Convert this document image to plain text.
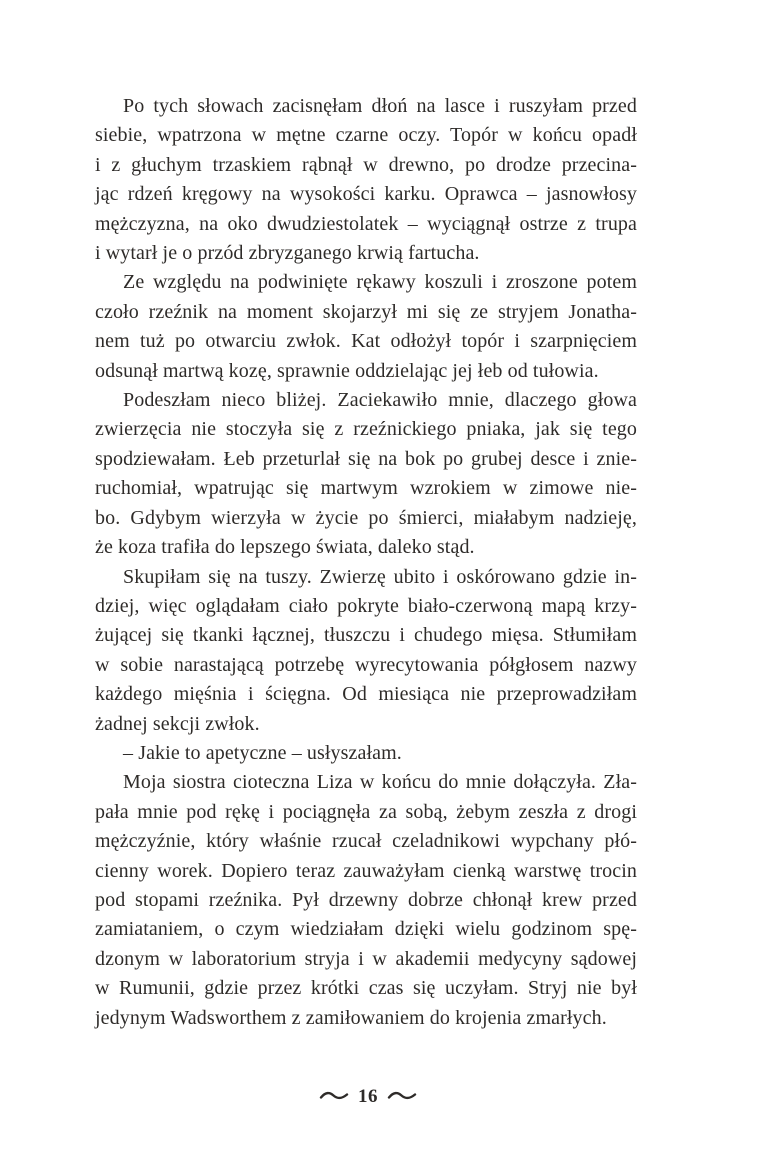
Po tych słowach zacisnęłam dłoń na lasce i ruszyłam przed
siebie, wpatrzona w mętne czarne oczy. Topór w końcu opadł
i z głuchym trzaskiem rąbnął w drewno, po drodze przecina-
jąc rdzeń kręgowy na wysokości karku. Oprawca – jasnowłosy
mężczyzna, na oko dwudziestolatek – wyciągnął ostrze z trupa
i wytarł je o przód zbryzganego krwią fartucha.
Ze względu na podwinięte rękawy koszuli i zroszone potem
czoło rzeźnik na moment skojarzył mi się ze stryjem Jonatha-
nem tuż po otwarciu zwłok. Kat odłożył topór i szarpnięciem
odsunął martwą kozę, sprawnie oddzielając jej łeb od tułowia.
Podeszłam nieco bliżej. Zaciekawiło mnie, dlaczego głowa
zwierzęcia nie stoczyła się z rzeźnickiego pniaka, jak się tego
spodziewałam. Łeb przeturlał się na bok po grubej desce i znie-
ruchomiał, wpatrując się martwym wzrokiem w zimowe nie-
bo. Gdybym wierzyła w życie po śmierci, miałabym nadzieję,
że koza trafiła do lepszego świata, daleko stąd.
Skupiłam się na tuszy. Zwierzę ubito i oskórowano gdzie in-
dziej, więc oglądałam ciało pokryte biało-czerwoną mapą krzy-
żującej się tkanki łącznej, tłuszczu i chudego mięsa. Stłumiłam
w sobie narastającą potrzebę wyrecytowania półgłosem nazwy
każdego mięśnia i ścięgna. Od miesiąca nie przeprowadziłam
żadnej sekcji zwłok.
– Jakie to apetyczne – usłyszałam.
Moja siostra cioteczna Liza w końcu do mnie dołączyła. Zła-
pała mnie pod rękę i pociągnęła za sobą, żebym zeszła z drogi
mężczyźnie, który właśnie rzucał czeladnikowi wypchany płó-
cienny worek. Dopiero teraz zauważyłam cienką warstwę trocin
pod stopami rzeźnika. Pył drzewny dobrze chłonął krew przed
zamiataniem, o czym wiedziałam dzięki wielu godzinom spę-
dzonym w laboratorium stryja i w akademii medycyny sądowej
w Rumunii, gdzie przez krótki czas się uczyłam. Stryj nie był
jedynym Wadsworthem z zamiłowaniem do krojenia zmarłych.
16
